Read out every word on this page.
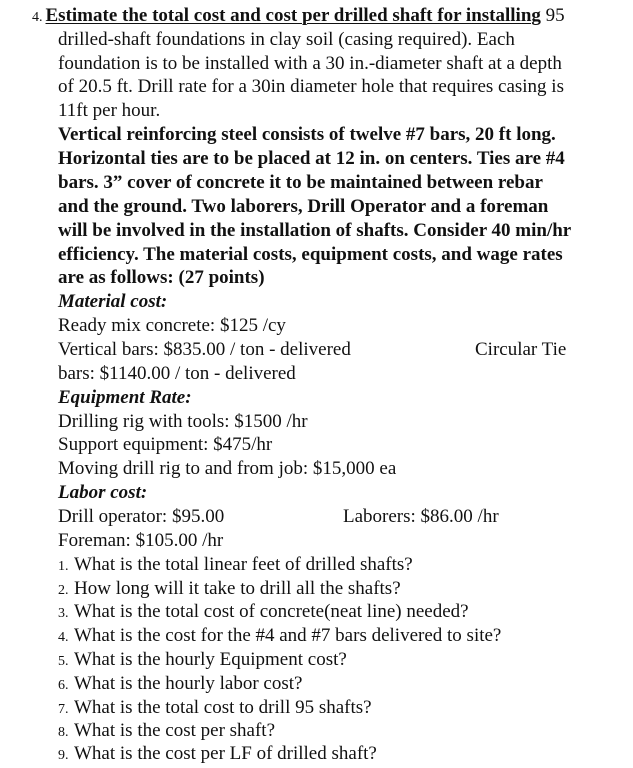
4. Estimate the total cost and cost per drilled shaft for installing 95
drilled-shaft foundations in clay soil (casing required). Each
foundation is to be installed with a 30 in.-diameter shaft at a depth
of 20.5 ft. Drill rate for a 30in diameter hole that requires casing is
11ft per hour.
Vertical reinforcing steel consists of twelve #7 bars, 20 ft long.
Horizontal ties are to be placed at 12 in. on centers. Ties are #4
bars. 3” cover of concrete it to be maintained between rebar
and the ground. Two laborers, Drill Operator and a foreman
will be involved in the installation of shafts. Consider 40 min/hr
efficiency. The material costs, equipment costs, and wage rates
are as follows: (27 points)
Material cost:
Ready mix concrete: $125 /cy
Vertical bars: $835.00 / ton - delivered	Circular Tie
bars: $1140.00 / ton - delivered
Equipment Rate:
Drilling rig with tools: $1500 /hr
Support equipment: $475/hr
Moving drill rig to and from job: $15,000 ea
Labor cost:
Drill operator: $95.00	Laborers: $86.00 /hr
Foreman: $105.00 /hr
1. What is the total linear feet of drilled shafts?
2. How long will it take to drill all the shafts?
3. What is the total cost of concrete(neat line) needed?
4. What is the cost for the #4 and #7 bars delivered to site?
5. What is the hourly Equipment cost?
6. What is the hourly labor cost?
7. What is the total cost to drill 95 shafts?
8. What is the cost per shaft?
9. What is the cost per LF of drilled shaft?
